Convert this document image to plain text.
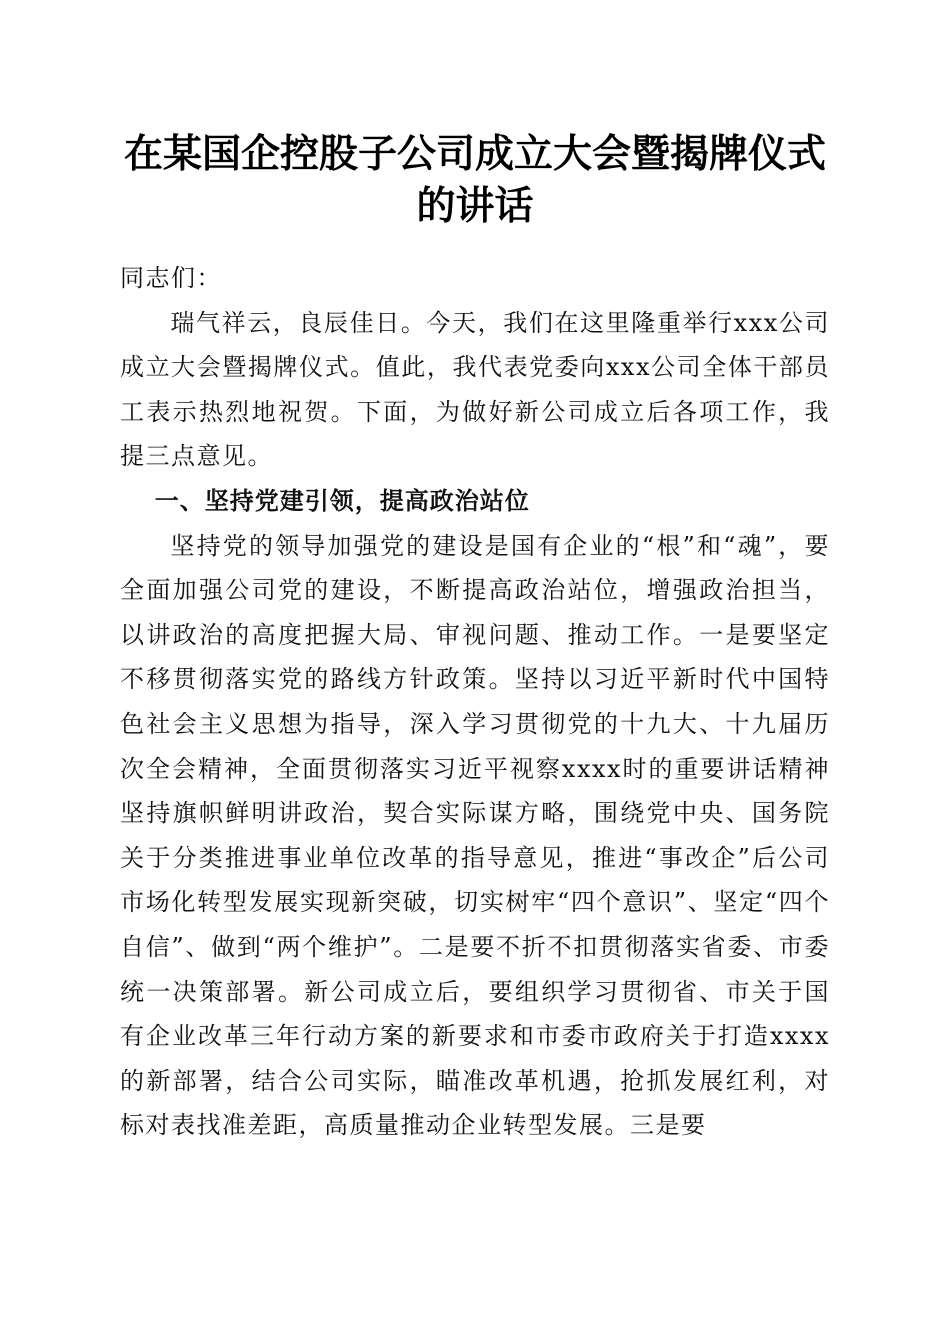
在某国企控股子公司成立大会暨揭牌仪式的讲话

同志们：

瑞气祥云，良辰佳日。今天，我们在这里隆重举行xxx公司成立大会暨揭牌仪式。值此，我代表党委向xxx公司全体干部员工表示热烈地祝贺。下面，为做好新公司成立后各项工作，我提三点意见。

一、坚持党建引领，提高政治站位

坚持党的领导加强党的建设是国有企业的“根”和“魂”，要全面加强公司党的建设，不断提高政治站位，增强政治担当，以讲政治的高度把握大局、审视问题、推动工作。一是要坚定不移贯彻落实党的路线方针政策。坚持以习近平新时代中国特色社会主义思想为指导，深入学习贯彻党的十九大、十九届历次全会精神，全面贯彻落实习近平视察xxxx时的重要讲话精神坚持旗帜鲜明讲政治，契合实际谋方略，围绕党中央、国务院关于分类推进事业单位改革的指导意见，推进“事改企”后公司市场化转型发展实现新突破，切实树牢“四个意识”、坚定“四个自信”、做到“两个维护”。二是要不折不扣贯彻落实省委、市委统一决策部署。新公司成立后，要组织学习贯彻省、市关于国有企业改革三年行动方案的新要求和市委市政府关于打造xxxx的新部署，结合公司实际，瞄准改革机遇，抢抓发展红利，对标对表找准差距，高质量推动企业转型发展。三是要
